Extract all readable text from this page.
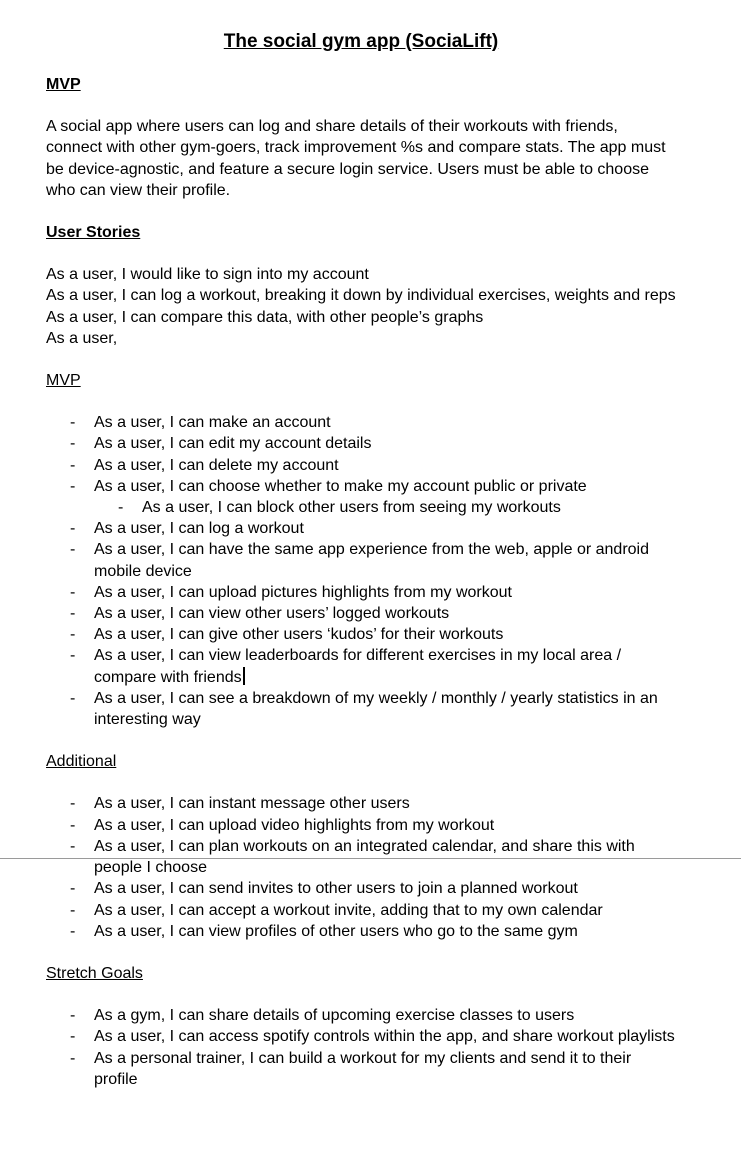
The social gym app (SociaLift)

MVP

A social app where users can log and share details of their workouts with friends, connect with other gym-goers, track improvement %s and compare stats. The app must be device-agnostic, and feature a secure login service. Users must be able to choose who can view their profile.

User Stories

As a user, I would like to sign into my account

As a user, I can log a workout, breaking it down by individual exercises, weights and reps

As a user, I can compare this data, with other people’s graphs

As a user,

MVP

- As a user, I can make an account
- As a user, I can edit my account details
- As a user, I can delete my account
- As a user, I can choose whether to make my account public or private
- As a user, I can block other users from seeing my workouts
- As a user, I can log a workout
- As a user, I can have the same app experience from the web, apple or android mobile device
- As a user, I can upload pictures highlights from my workout
- As a user, I can view other users’ logged workouts
- As a user, I can give other users ‘kudos’ for their workouts
- As a user, I can view leaderboards for different exercises in my local area / compare with friends
- As a user, I can see a breakdown of my weekly / monthly / yearly statistics in an interesting way

Additional

- As a user, I can instant message other users
- As a user, I can upload video highlights from my workout
- As a user, I can plan workouts on an integrated calendar, and share this with people I choose
- As a user, I can send invites to other users to join a planned workout
- As a user, I can accept a workout invite, adding that to my own calendar
- As a user, I can view profiles of other users who go to the same gym

Stretch Goals

- As a gym, I can share details of upcoming exercise classes to users
- As a user, I can access spotify controls within the app, and share workout playlists
- As a personal trainer, I can build a workout for my clients and send it to their profile
